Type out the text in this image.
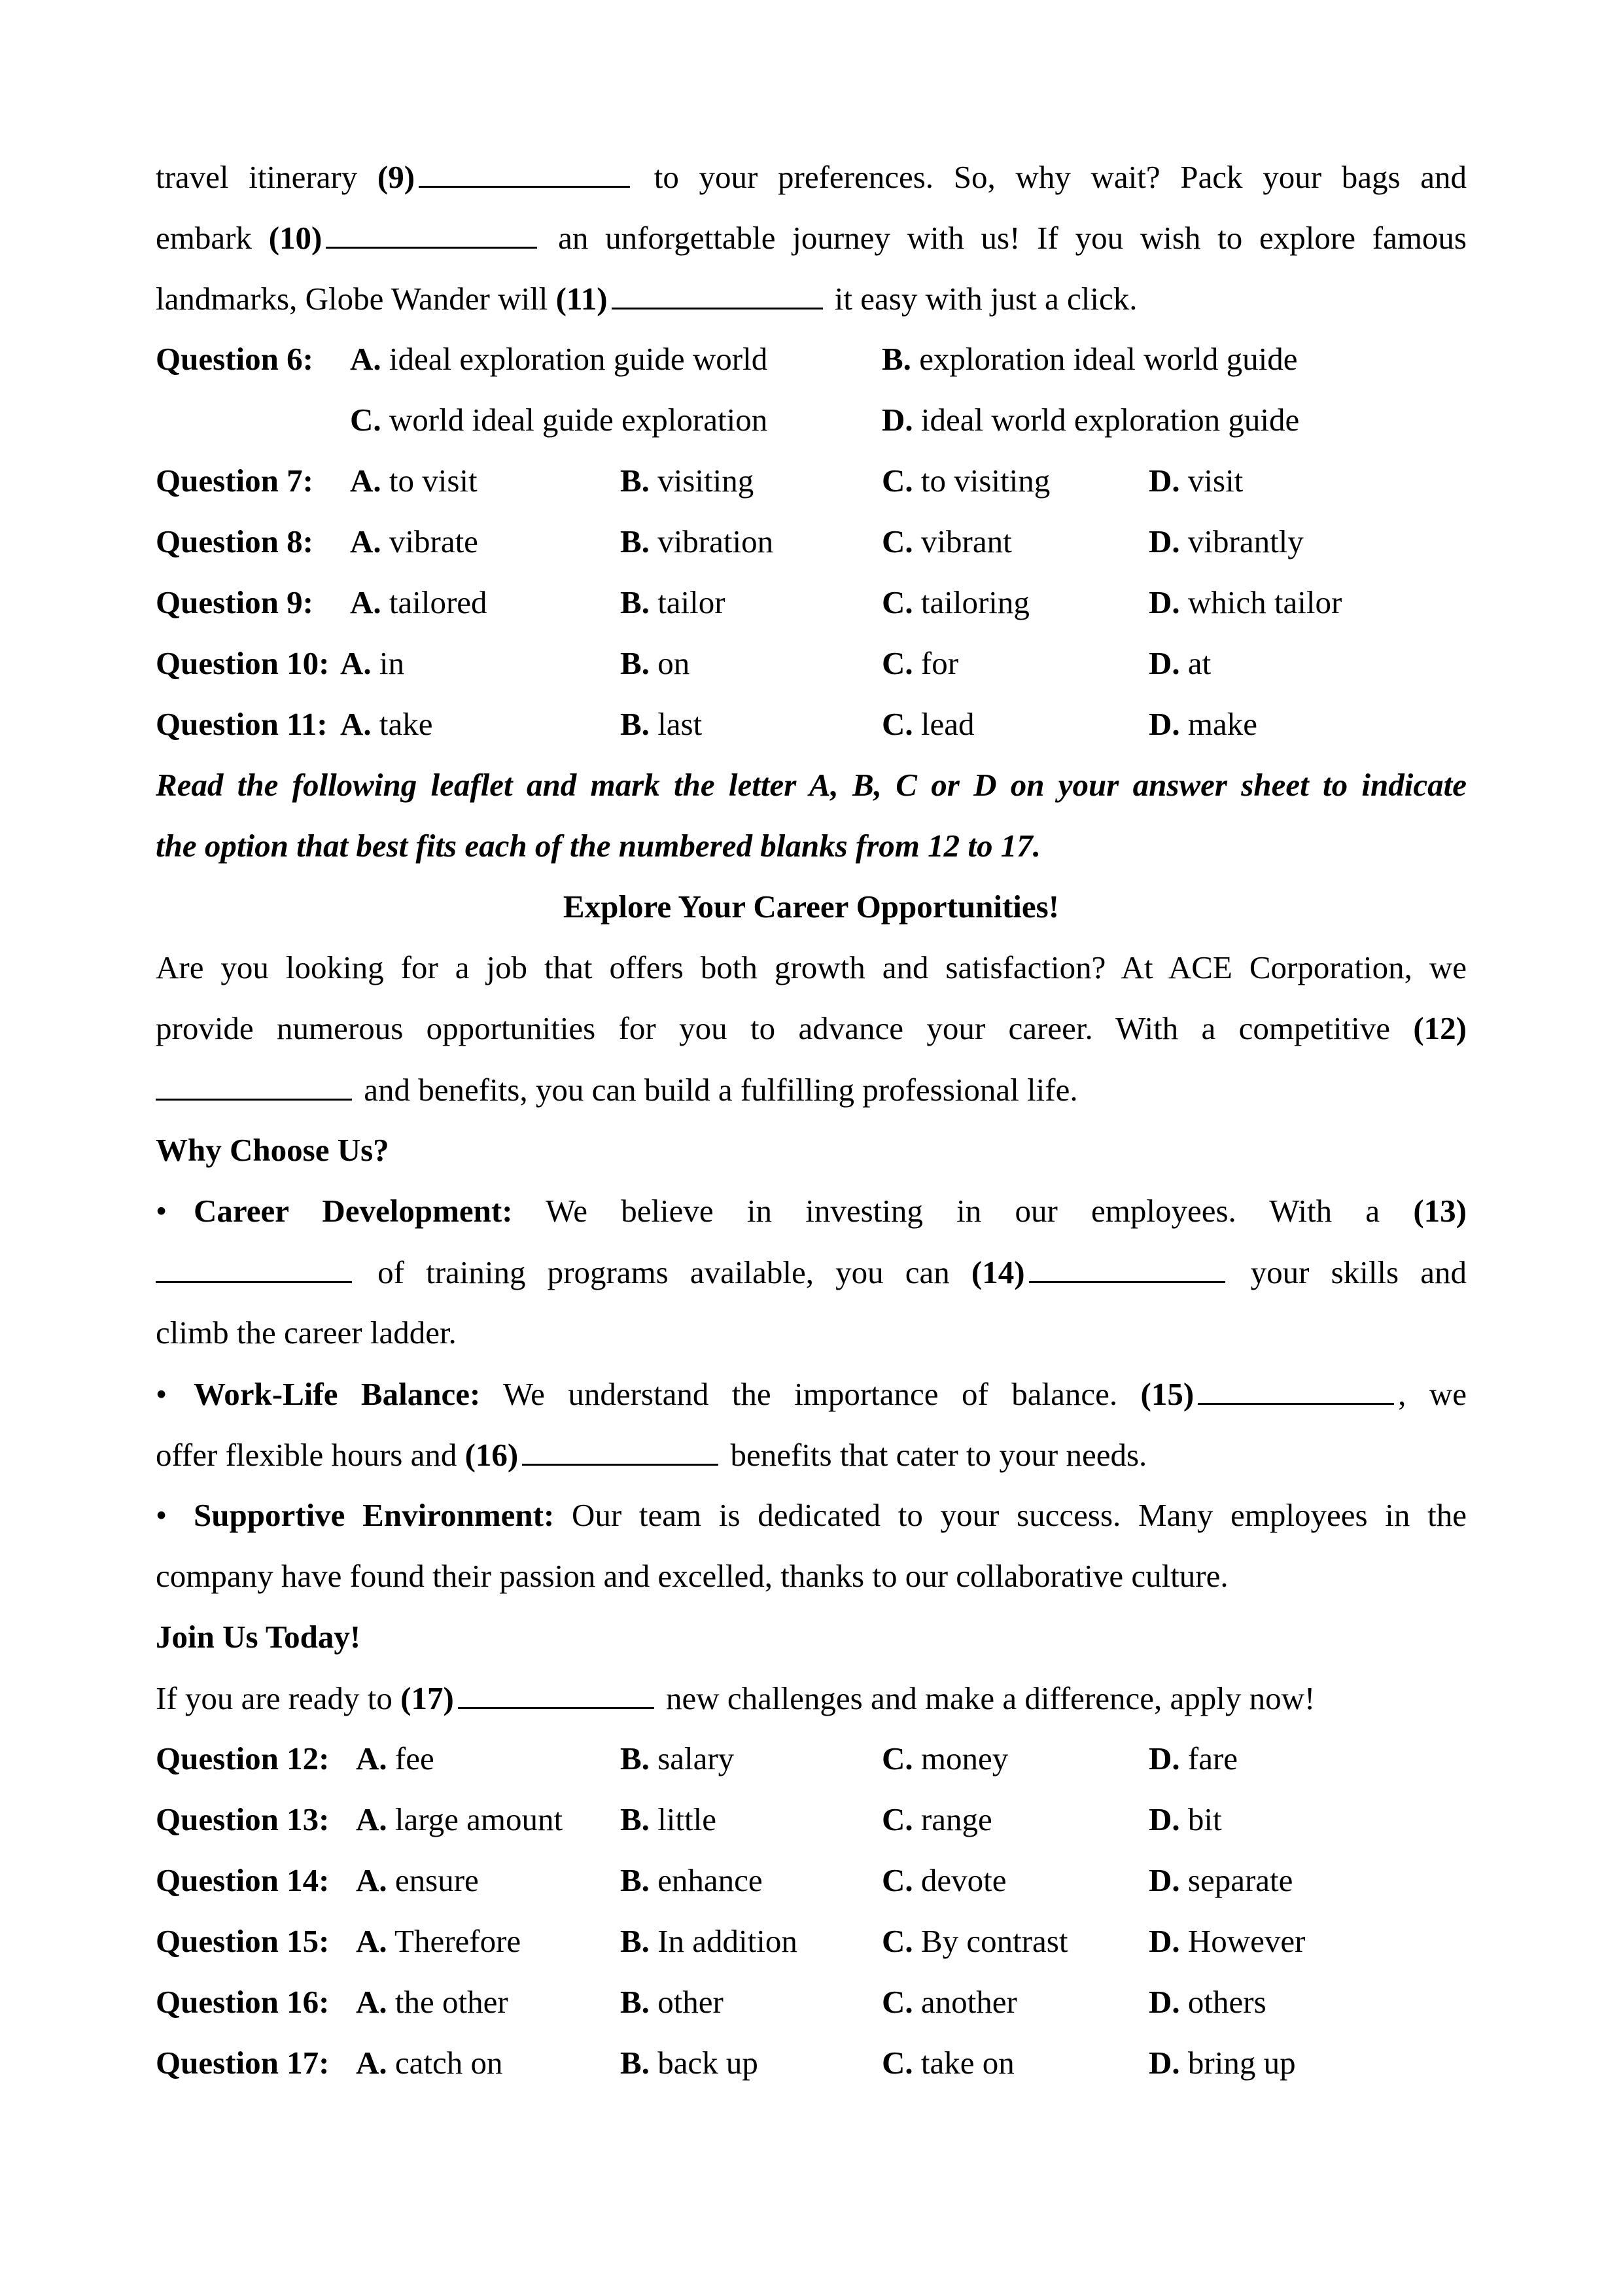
travel itinerary (9)	to your preferences. So, why wait? Pack your bags and
embark (10)	an unforgettable journey with us! If you wish to explore famous
landmarks, Globe Wander will (11)	it easy with just a click.
Question 6: A. ideal exploration guide world	B. exploration ideal world guide
C. world ideal guide exploration	D. ideal world exploration guide
Question 7: A. to visit	B. visiting	C. to visiting	D. visit
Question 8: A. vibrate	B. vibration	C. vibrant	D. vibrantly
Question 9: A. tailored	B. tailor	C. tailoring	D. which tailor
Question 10: A. in	B. on	C. for	D. at
Question 11: A. take	B. last	C. lead	D. make
Read the following leaflet and mark the letter A, B, C or D on your answer sheet to indicate
the option that best fits each of the numbered blanks from 12 to 17.
Explore Your Career Opportunities!
Are you looking for a job that offers both growth and satisfaction? At ACE Corporation, we
provide numerous opportunities for you to advance your career. With a competitive (12)
and benefits, you can build a fulfilling professional life.
Why Choose Us?
• Career Development: We believe in investing in our employees. With a (13)
of training programs available, you can (14)	your skills and
climb the career ladder.
• Work-Life Balance: We understand the importance of balance. (15)	, we
offer flexible hours and (16)	benefits that cater to your needs.
• Supportive Environment: Our team is dedicated to your success. Many employees in the
company have found their passion and excelled, thanks to our collaborative culture.
Join Us Today!
If you are ready to (17)	new challenges and make a difference, apply now!
Question 12: A. fee	B. salary	C. money	D. fare
Question 13: A. large amount B. little	C. range	D. bit
Question 14: A. ensure	B. enhance	C. devote	D. separate
Question 15: A. Therefore	B. In addition	C. By contrast	D. However
Question 16: A. the other	B. other	C. another	D. others
Question 17: A. catch on	B. back up	C. take on	D. bring up
